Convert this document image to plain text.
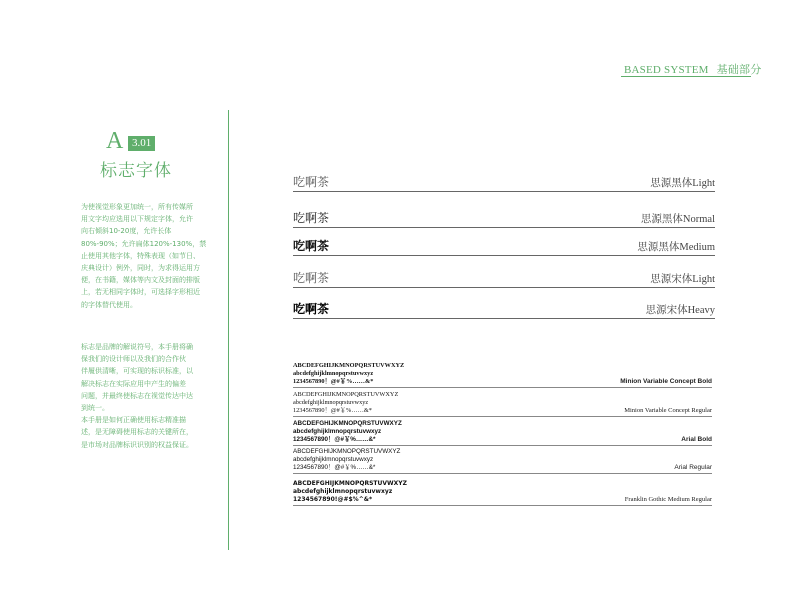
BASED SYSTEM 基础部分
A 3.01
标志字体

为使视觉形象更加统一，所有传媒所

用文字均应选用以下规定字体，允许

向右倾斜10-20度，允许长体

80%-90%；允许扁体120%-130%，禁

止使用其他字体，特殊表现（如节日、

庆典设计）例外，同时，为求得运用方

便，在书籍，媒体等内文及封面的排版

上，若无相同字体时，可选择字形相近

的字体替代使用。

标志是品牌的解说符号，本手册将确

保我们的设计师以及我们的合作伙

伴履供清晰，可实现的标识标准，以

解决标志在实际应用中产生的偏差

问题，并最终使标志在视觉传达中达

到统一。

本手册是如何正确使用标志精准描

述，是无障碍使用标志的关键所在，

是市场对品牌标识识别的权益保证。

吃啊茶	思源黑体Light
吃啊茶	思源黑体Normal
吃啊茶	思源黑体Medium
吃啊茶	思源宋体Light
吃啊茶	思源宋体Heavy
ABCDEFGHIJKMNOPQRSTUVWXYZ
abcdefghijklmnopqrstuvwxyz
1234567890！@#￥%……&*	Minion Variable Concept Bold
ABCDEFGHIJKMNOPQRSTUVWXYZ
abcdefghijklmnopqrstuvwxyz
1234567890！@#￥%……&*	Minion Variable Concept Regular
ABCDEFGHIJKMNOPQRSTUVWXYZ
abcdefghijklmnopqrstuvwxyz
1234567890！@#￥%……&*	Arial Bold
ABCDEFGHIJKMNOPQRSTUVWXYZ
abcdefghijklmnopqrstuvwxyz
1234567890！@#￥%……&*	Arial Regular
ABCDEFGHIJKMNOPQRSTUVWXYZ
abcdefghijklmnopqrstuvwxyz
1234567890!@#$%^&*	Franklin Gothic Medium Regular
